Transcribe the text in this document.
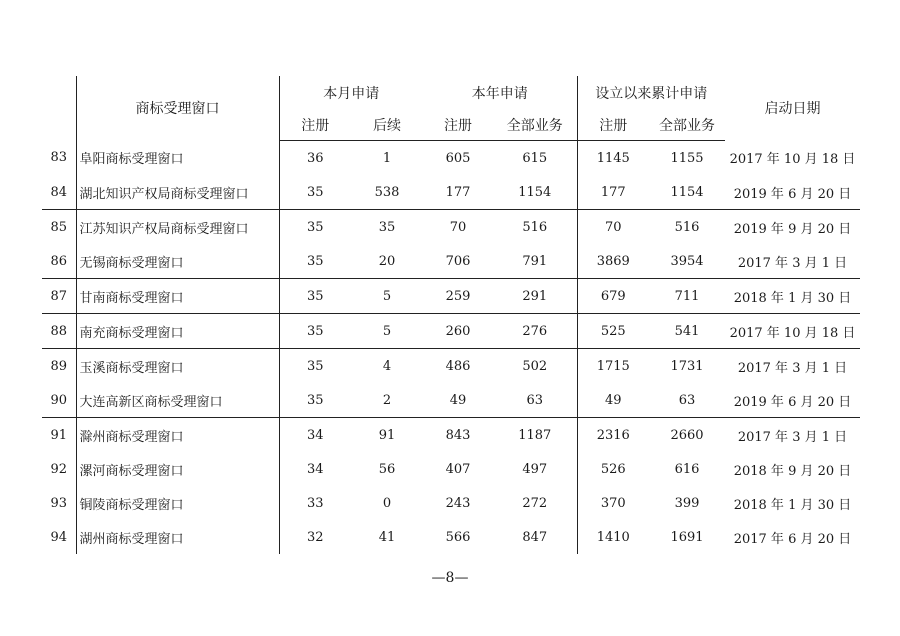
	商标受理窗口	本月申请		本年申请		设立以来累计申请		启动日期
		注册	后续	注册	全部业务	注册	全部业务	
83	阜阳商标受理窗口	36	1	605	615	1145	1155	2017 年 10 月 18 日
84	湖北知识产权局商标受理窗口	35	538	177	1154	177	1154	2019 年 6 月 20 日
85	江苏知识产权局商标受理窗口	35	35	70	516	70	516	2019 年 9 月 20 日
86	无锡商标受理窗口	35	20	706	791	3869	3954	2017 年 3 月 1 日
87	甘南商标受理窗口	35	5	259	291	679	711	2018 年 1 月 30 日
88	南充商标受理窗口	35	5	260	276	525	541	2017 年 10 月 18 日
89	玉溪商标受理窗口	35	4	486	502	1715	1731	2017 年 3 月 1 日
90	大连高新区商标受理窗口	35	2	49	63	49	63	2019 年 6 月 20 日
91	滁州商标受理窗口	34	91	843	1187	2316	2660	2017 年 3 月 1 日
92	漯河商标受理窗口	34	56	407	497	526	616	2018 年 9 月 20 日
93	铜陵商标受理窗口	33	0	243	272	370	399	2018 年 1 月 30 日
94	湖州商标受理窗口	32	41	566	847	1410	1691	2017 年 6 月 20 日
—8—
